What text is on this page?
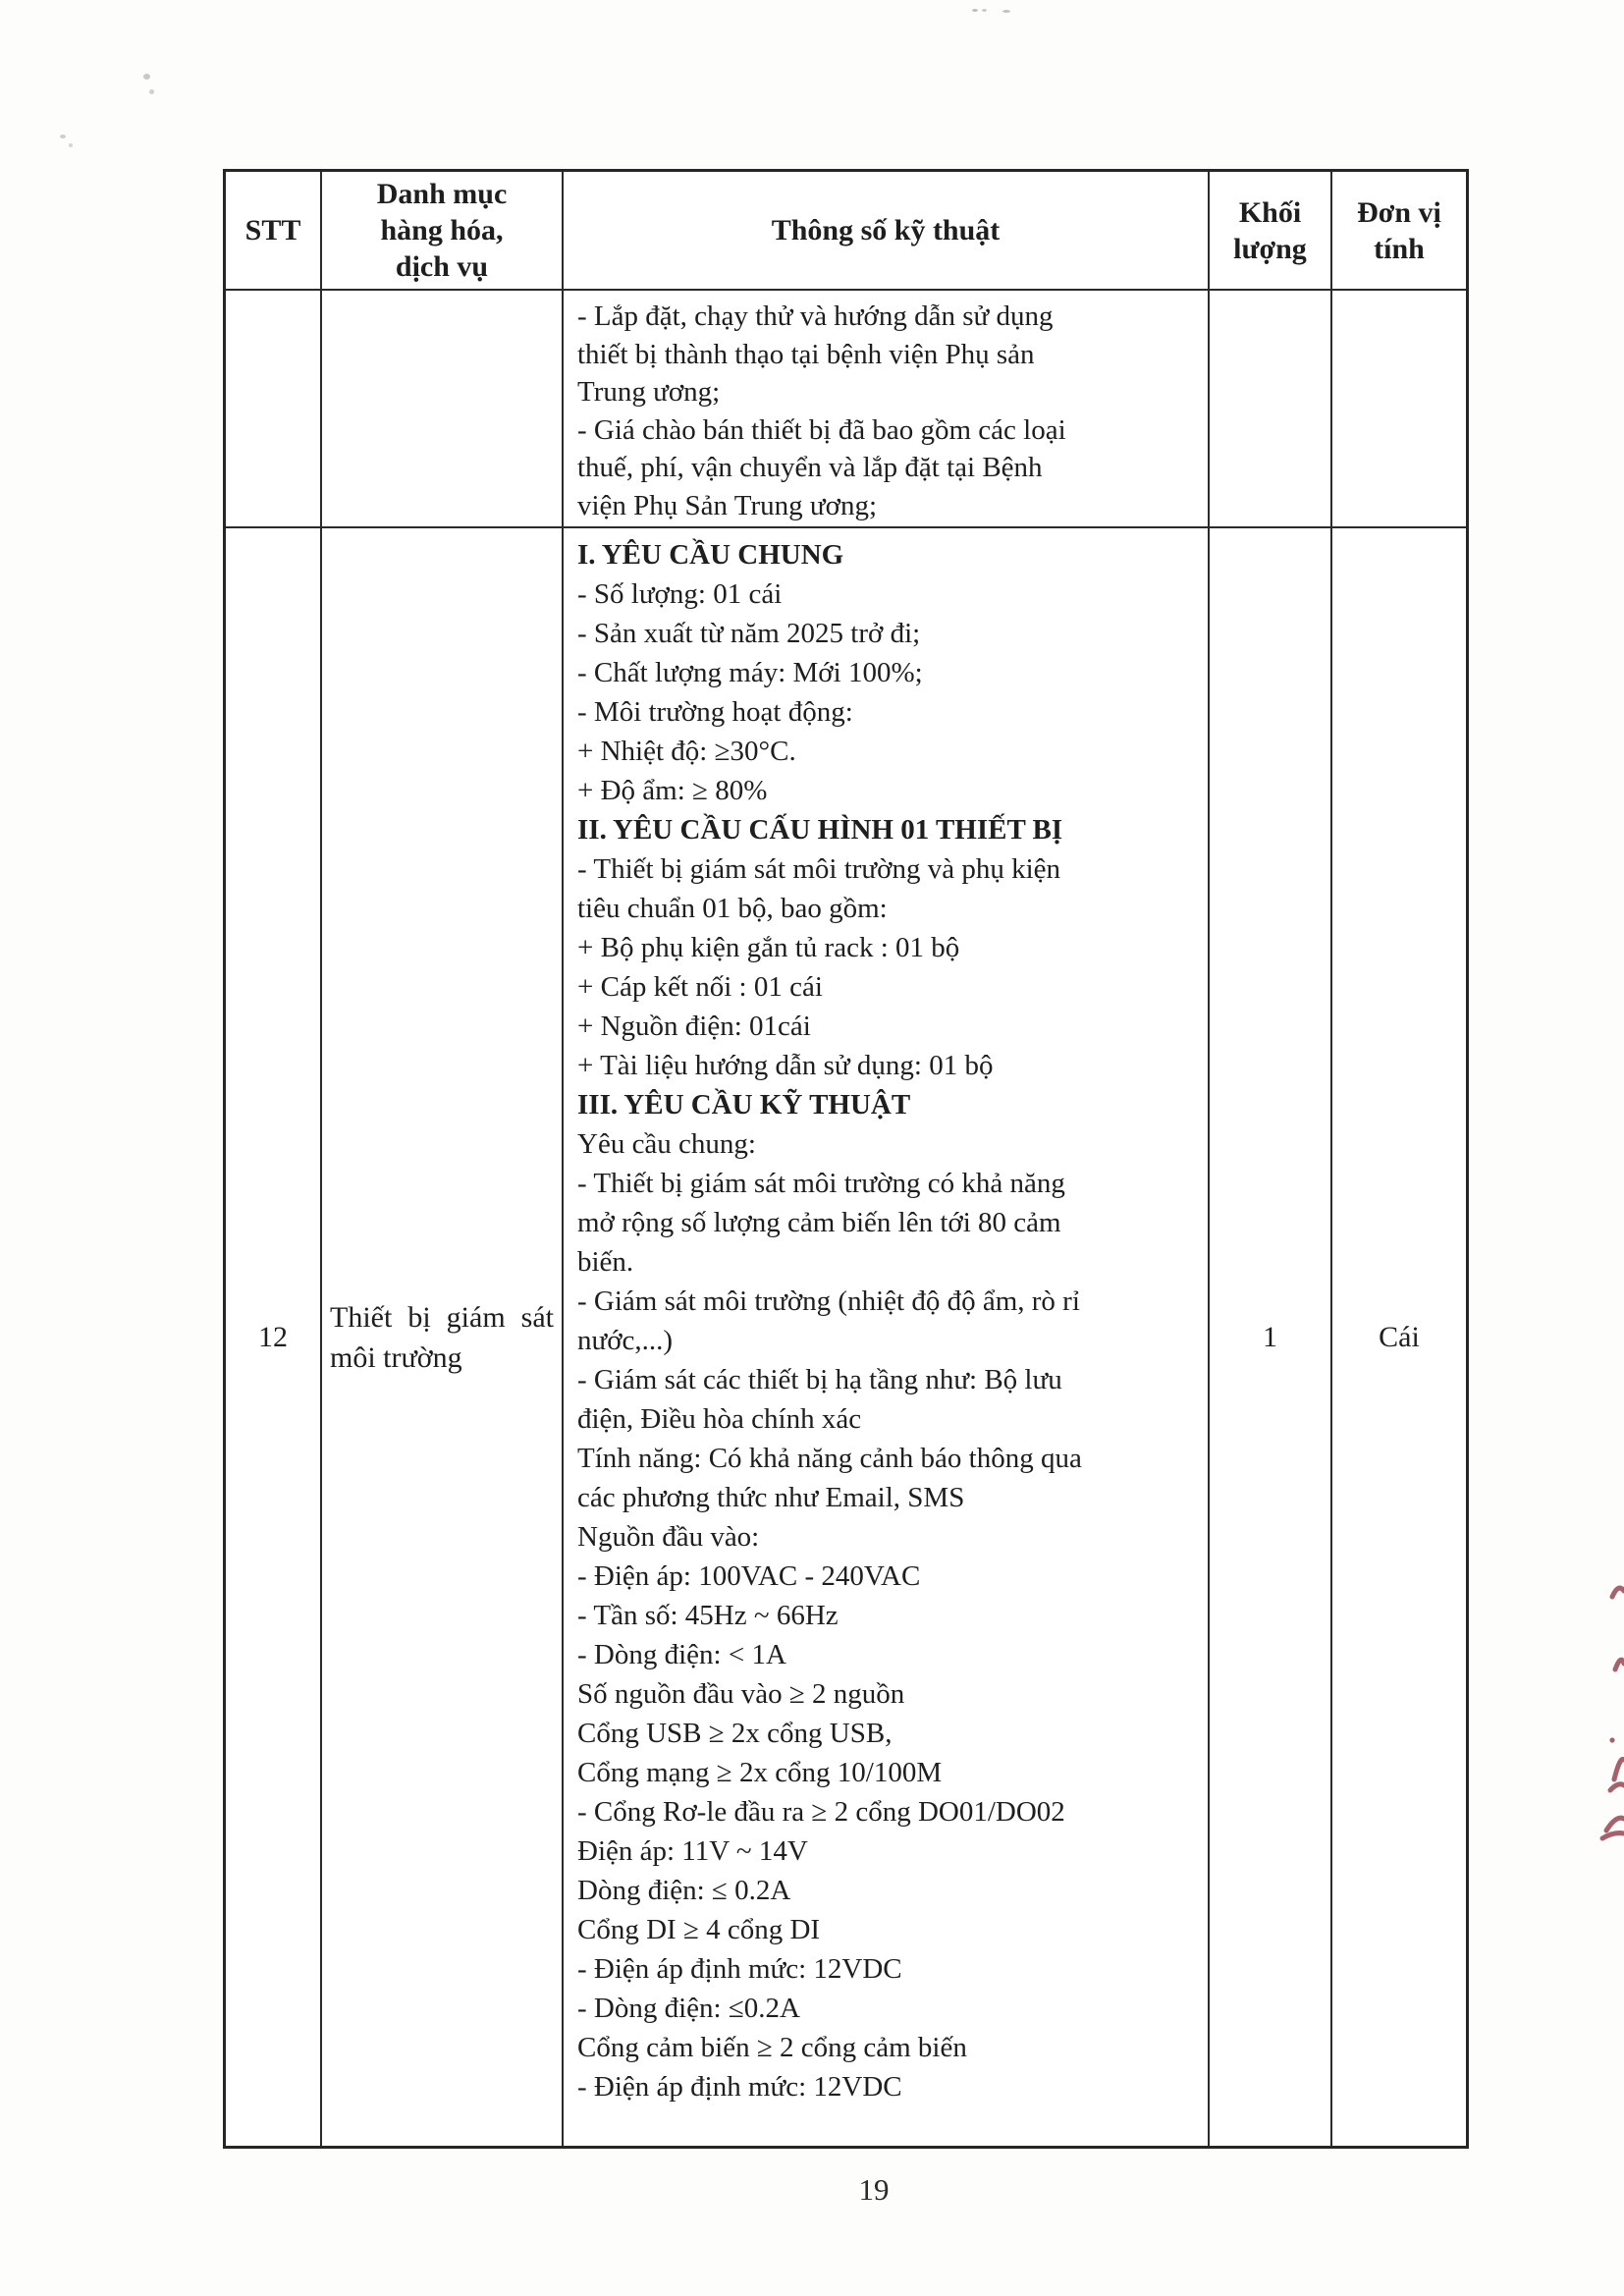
STT
Danh mục hàng hóa, dịch vụ
Thông số kỹ thuật
Khối lượng
Đơn vị tính
- Lắp đặt, chạy thử và hướng dẫn sử dụng
thiết bị thành thạo tại bệnh viện Phụ sản
Trung ương;
- Giá chào bán thiết bị đã bao gồm các loại
thuế, phí, vận chuyển và lắp đặt tại Bệnh
viện Phụ Sản Trung ương;
12
Thiết bị giám sát môi trường
I. YÊU CẦU CHUNG
- Số lượng: 01 cái
- Sản xuất từ năm 2025 trở đi;
- Chất lượng máy: Mới 100%;
- Môi trường hoạt động:
+ Nhiệt độ: ≥30°C.
+ Độ ẩm: ≥ 80%
II. YÊU CẦU CẤU HÌNH 01 THIẾT BỊ
- Thiết bị giám sát môi trường và phụ kiện
tiêu chuẩn 01 bộ, bao gồm:
+ Bộ phụ kiện gắn tủ rack : 01 bộ
+ Cáp kết nối : 01 cái
+ Nguồn điện: 01cái
+ Tài liệu hướng dẫn sử dụng: 01 bộ
III. YÊU CẦU KỸ THUẬT
Yêu cầu chung:
- Thiết bị giám sát môi trường có khả năng
mở rộng số lượng cảm biến lên tới 80 cảm
biến.
- Giám sát môi trường (nhiệt độ độ ẩm, rò rỉ
nước,...)
- Giám sát các thiết bị hạ tầng như: Bộ lưu
điện, Điều hòa chính xác
Tính năng: Có khả năng cảnh báo thông qua
các phương thức như Email, SMS
Nguồn đầu vào:
- Điện áp: 100VAC - 240VAC
- Tần số: 45Hz ~ 66Hz
- Dòng điện: < 1A
Số nguồn đầu vào ≥ 2 nguồn
Cổng USB ≥ 2x cổng USB,
Cổng mạng ≥ 2x cổng 10/100M
- Cổng Rơ-le đầu ra ≥ 2 cổng DO01/DO02
Điện áp: 11V ~ 14V
Dòng điện: ≤ 0.2A
Cổng DI ≥ 4 cổng DI
- Điện áp định mức: 12VDC
- Dòng điện: ≤0.2A
Cổng cảm biến ≥ 2 cổng cảm biến
- Điện áp định mức: 12VDC
1	Cái
19
